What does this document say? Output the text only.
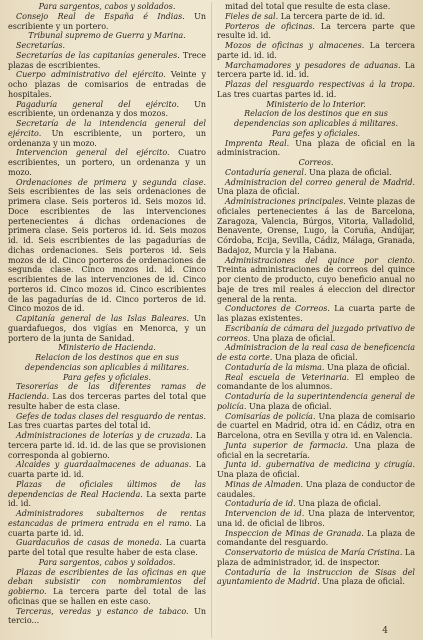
Para sargentos, cabos y soldados.

Consejo Real de España é Indias. Un escribiente y un portero.

Tribunal supremo de Guerra y Marina.

Secretarías.

Secretarías de las capitanías generales. Trece plazas de escribientes.

Cuerpo administrativo del ejército. Veinte y ocho plazas de comisarios de entradas de hospitales.

Pagaduría general del ejército. Un escribiente, un ordenanza y dos mozos.

Secretaría de la intendencia general del ejército. Un escribiente, un portero, un ordenanza y un mozo.

Intervencion general del ejército. Cuatro escribientes, un portero, un ordenanza y un mozo.

Ordenaciones de primera y segunda clase. Seis escribientes de las seis ordenaciones de primera clase. Seis porteros id. Seis mozos id. Doce escribientes de las intervenciones pertenecientes á dichas ordenaciones de primera clase. Seis porteros id. id. Seis mozos id. id. Seis escribientes de las pagadurías de dichas ordenaciones. Seis porteros id. Seis mozos de id. Cinco porteros de ordenaciones de segunda clase. Cinco mozos id. id. Cinco escribientes de las intervenciones de id. Cinco porteros id. Cinco mozos id. Cinco escribientes de las pagadurías de id. Cinco porteros de id. Cinco mozos de id.

Capitanía general de las Islas Baleares. Un guardafuegos, dos vigías en Menorca, y un portero de la junta de Sanidad.

Ministerio de Hacienda.

Relacion de los destinos que en sus dependencias son aplicables á militares.

Para gefes y oficiales.

Tesorerías de las diferentes ramas de Hacienda. Las dos terceras partes del total que resulte haber de esta clase.

Gefes de todas clases del resguardo de rentas. Las tres cuartas partes del total id.

Administraciones de loterías y de cruzada. La tercera parte id. id. id. de las que se provisionen corresponda al gobierno.

Alcaides y guardaalmacenes de aduanas. La cuarta parte id. id.

Plazas de oficiales últimos de las dependencias de Real Hacienda. La sexta parte id. id.

Administradores subalternos de rentas estancadas de primera entrada en el ramo. La cuarta parte id. id.

Guardacuños de casas de moneda. La cuarta parte del total que resulte haber de esta clase.

Para sargentos, cabos y soldados.

Plazas de escribientes de las oficinas en que deban subsistir con nombramientos del gobierno. La tercera parte del total de las oficinas que se hallen en este caso.

Terceras, veredas y estanco de tabaco. Un tercio...

mitad del total que resulte de esta clase.

Fieles de sal. La tercera parte de id. id.

Porteros de oficinas. La tercera parte que resulte id. id.

Mozos de oficinas y almacenes. La tercera parte id. id. id.

Marchamadores y pesadores de aduanas. La tercera parte id. id. id.

Plazas del resguardo respectivas á la tropa. Las tres cuartas partes id. id.

Ministerio de lo Interior.

Relacion de los destinos que en sus dependencias son aplicables á militares.

Para gefes y oficiales.

Imprenta Real. Una plaza de oficial en la administracion.

Correos.

Contaduría general. Una plaza de oficial.

Administracion del correo general de Madrid. Una plaza de oficial.

Administraciones principales. Veinte plazas de oficiales pertenecientes á las de Barcelona, Zaragoza, Valencia, Búrgos, Vitoria, Valladolid, Benavente, Orense, Lugo, la Coruña, Andújar, Córdoba, Ecija, Sevilla, Cádiz, Málaga, Granada, Badajoz, Murcia y la Habana.

Administraciones del quince por ciento. Treinta administraciones de correos del quince por ciento de producto, cuyo beneficio anual no baje de tres mil reales á eleccion del director general de la renta.

Conductores de Correos. La cuarta parte de las plazas existentes.

Escribanía de cámara del juzgado privativo de correos. Una plaza de oficial.

Administracion de la real casa de beneficencia de esta corte. Una plaza de oficial.

Contaduría de la misma. Una plaza de oficial.

Real escuela de Veterinaria. El empleo de comandante de los alumnos.

Contaduría de la superintendencia general de policía. Una plaza de oficial.

Comisarías de policía. Una plaza de comisario de cuartel en Madrid, otra id. en Cádiz, otra en Barcelona, otra en Sevilla y otra id. en Valencia.

Junta superior de farmacia. Una plaza de oficial en la secretaría.

Junta id. gubernativa de medicina y cirugía. Una plaza de oficial.

Minas de Almaden. Una plaza de conductor de caudales.

Contaduría de id. Una plaza de oficial.

Intervencion de id. Una plaza de interventor, una id. de oficial de libros.

Inspeccion de Minas de Granada. La plaza de comandante del resguardo.

Conservatorio de música de María Cristina. La plaza de administrador, id. de inspector.

Contaduría de la instruccion de Sisas del ayuntamiento de Madrid. Una plaza de oficial.

4
